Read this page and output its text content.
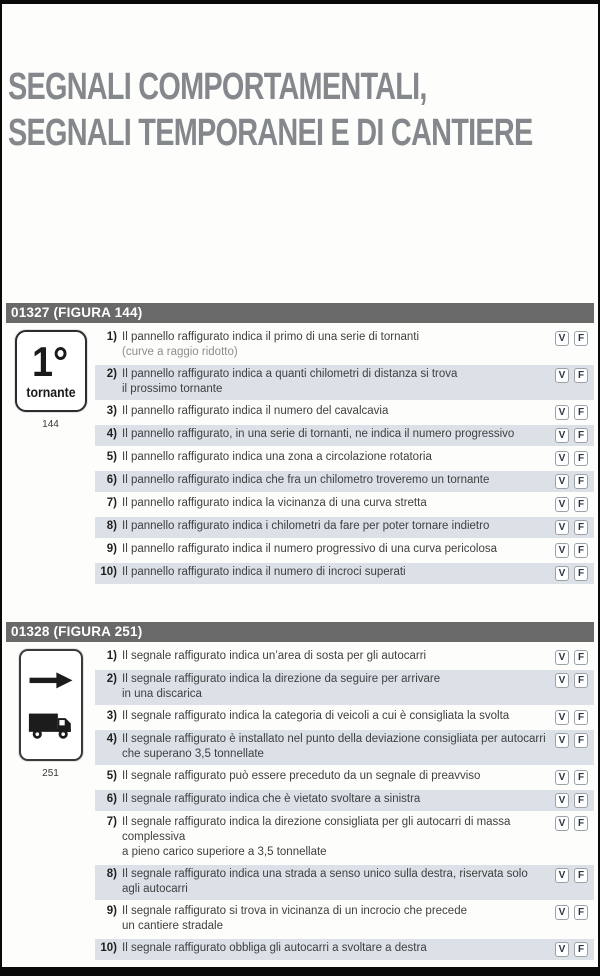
SEGNALI COMPORTAMENTALI,
SEGNALI TEMPORANEI E DI CANTIERE
01327 (FIGURA 144)
1°
tornante
144
1) Il pannello raffigurato indica il primo di una serie di tornanti
(curve a raggio ridotto)
V	F
2) Il pannello raffigurato indica a quanti chilometri di distanza si trova
il prossimo tornante
V	F
3) Il pannello raffigurato indica il numero del cavalcavia	V	F
4) Il pannello raffigurato, in una serie di tornanti, ne indica il numero progressivo	V	F
5) Il pannello raffigurato indica una zona a circolazione rotatoria	V	F
6) Il pannello raffigurato indica che fra un chilometro troveremo un tornante	V	F
7) Il pannello raffigurato indica la vicinanza di una curva stretta	V	F
8) Il pannello raffigurato indica i chilometri da fare per poter tornare indietro	V	F
9) Il pannello raffigurato indica il numero progressivo di una curva pericolosa	V	F
10) Il pannello raffigurato indica il numero di incroci superati	V	F
01328 (FIGURA 251)
251
1) Il segnale raffigurato indica un’area di sosta per gli autocarri	V	F
2) Il segnale raffigurato indica la direzione da seguire per arrivare
in una discarica
V	F
3) Il segnale raffigurato indica la categoria di veicoli a cui è consigliata la svolta	V	F
4) Il segnale raffigurato è installato nel punto della deviazione consigliata per autocarri
che superano 3,5 tonnellate
V	F
5) Il segnale raffigurato può essere preceduto da un segnale di preavviso	V	F
6) Il segnale raffigurato indica che è vietato svoltare a sinistra	V	F
7) Il segnale raffigurato indica la direzione consigliata per gli autocarri di massa complessiva
a pieno carico superiore a 3,5 tonnellate
V	F
8) Il segnale raffigurato indica una strada a senso unico sulla destra, riservata solo
agli autocarri
V	F
9) Il segnale raffigurato si trova in vicinanza di un incrocio che precede
un cantiere stradale
V	F
10) Il segnale raffigurato obbliga gli autocarri a svoltare a destra	V	F
